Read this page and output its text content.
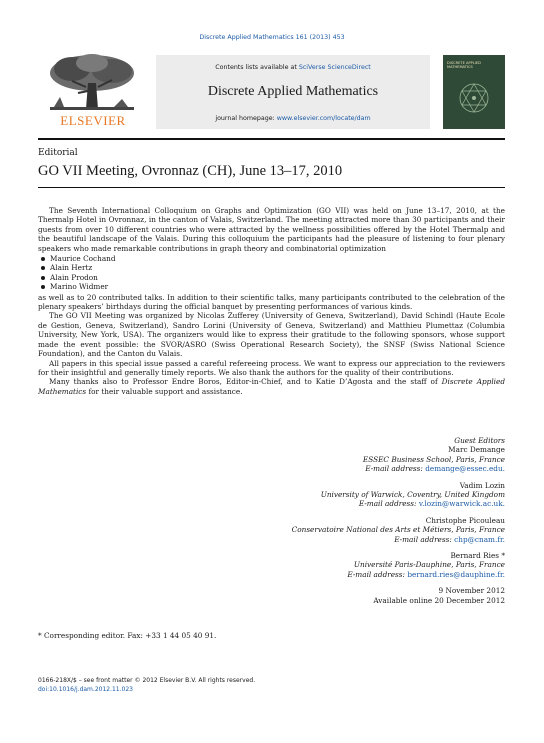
Discrete Applied Mathematics 161 (2013) 453
ELSEVIER
Contents lists available at SciVerse ScienceDirect
Discrete Applied Mathematics
journal homepage: www.elsevier.com/locate/dam
DISCRETE APPLIED MATHEMATICS
Editorial
GO VII Meeting, Ovronnaz (CH), June 13–17, 2010

The Seventh International Colloquium on Graphs and Optimization (GO VII) was held on June 13–17, 2010, at the Thermalp Hotel in Ovronnaz, in the canton of Valais, Switzerland. The meeting attracted more than 30 participants and their guests from over 10 different countries who were attracted by the wellness possibilities offered by the Hotel Thermalp and the beautiful landscape of the Valais. During this colloquium the participants had the pleasure of listening to four plenary speakers who made remarkable contributions in graph theory and combinatorial optimization

Maurice Cochand
Alain Hertz
Alain Prodon
Marino Widmer

as well as to 20 contributed talks. In addition to their scientific talks, many participants contributed to the celebration of the plenary speakers’ birthdays during the official banquet by presenting performances of various kinds.

The GO VII Meeting was organized by Nicolas Zufferey (University of Geneva, Switzerland), David Schindl (Haute Ecole de Gestion, Geneva, Switzerland), Sandro Lorini (University of Geneva, Switzerland) and Matthieu Plumettaz (Columbia University, New York, USA). The organizers would like to express their gratitude to the following sponsors, whose support made the event possible: the SVOR/ASRO (Swiss Operational Research Society), the SNSF (Swiss National Science Foundation), and the Canton du Valais.

All papers in this special issue passed a careful refereeing process. We want to express our appreciation to the reviewers for their insightful and generally timely reports. We also thank the authors for the quality of their contributions.

Many thanks also to Professor Endre Boros, Editor-in-Chief, and to Katie D’Agosta and the staff of Discrete Applied Mathematics for their valuable support and assistance.

Guest Editors
Marc Demange
ESSEC Business School, Paris, France
E-mail address: demange@essec.edu.
Vadim Lozin
University of Warwick, Coventry, United Kingdom
E-mail address: v.lozin@warwick.ac.uk.
Christophe Picouleau
Conservatoire National des Arts et Métiers, Paris, France
E-mail address: chp@cnam.fr.
Bernard Ries *
Université Paris-Dauphine, Paris, France
E-mail address: bernard.ries@dauphine.fr.
9 November 2012
Available online 20 December 2012
* Corresponding editor. Fax: +33 1 44 05 40 91.
0166-218X/$ – see front matter © 2012 Elsevier B.V. All rights reserved.
doi:10.1016/j.dam.2012.11.023
